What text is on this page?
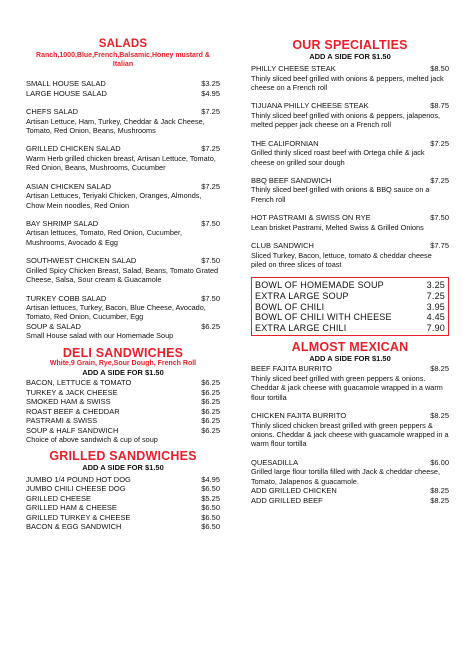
SALADS
Ranch,1000,Blue,French,Balsamic,Honey mustard & Italian
SMALL HOUSE SALAD	$3.25
LARGE HOUSE SALAD	$4.95
CHEFS SALAD	$7.25
Artisan Lettuce, Ham, Turkey, Cheddar & Jack Cheese, Tomato, Red Onion, Beans, Mushrooms
GRILLED CHICKEN SALAD	$7.25
Warm Herb grilled chicken breast, Artisan Lettuce, Tomato, Red Onion, Beans, Mushrooms, Cucumber
ASIAN CHICKEN SALAD	$7.25
Artisan Lettuces, Teriyaki Chicken, Oranges, Almonds, Chow Mein noodles, Red Onion
BAY SHRIMP SALAD	$7.50
Artisan lettuces, Tomato, Red Onion, Cucumber, Mushrooms, Avocado & Egg
SOUTHWEST CHICKEN SALAD	$7.50
Grilled Spicy Chicken Breast, Salad, Beans, Tomato Grated Cheese, Salsa, Sour cream & Guacamole
TURKEY COBB SALAD	$7.50
Artisan lettuces, Turkey, Bacon, Blue Cheese, Avocado, Tomato, Red Onion, Cucumber, Egg
SOUP & SALAD	$6.25
Small House salad with our Homemade Soup
DELI SANDWICHES
White,9 Grain, Rye,Sour Dough, French Roll
ADD A SIDE FOR $1.50
BACON, LETTUCE & TOMATO	$6.25
TURKEY & JACK CHEESE	$6.25
SMOKED HAM & SWISS	$6.25
ROAST BEEF & CHEDDAR	$6.25
PASTRAMI & SWISS	$6.25
SOUP & HALF SANDWICH	$6.25
Choice of above sandwich & cup of soup
GRILLED SANDWICHES
ADD A SIDE FOR $1.50
JUMBO 1/4 POUND HOT DOG	$4.95
JUMBO CHILI CHEESE DOG	$6.50
GRILLED CHEESE	$5.25
GRILLED HAM & CHEESE	$6.50
GRILLED TURKEY & CHEESE	$6.50
BACON & EGG SANDWICH	$6.50
OUR SPECIALTIES
ADD A SIDE FOR $1.50
PHILLY CHEESE STEAK	$8.50
Thinly sliced beef grilled with onions & peppers, melted jack cheese on a French roll
TIJUANA PHILLY CHEESE STEAK	$8.75
Thinly sliced beef grilled with onions & peppers, jalapenos, melted pepper jack cheese on a French roll
THE CALIFORNIAN	$7.25
Grilled thinly sliced roast beef with Ortega chile & jack cheese on grilled sour dough
BBQ BEEF SANDWICH	$7.25
Thinly sliced beef grilled with onions & BBQ sauce on a French roll
HOT PASTRAMI & SWISS ON RYE	$7.50
Lean brisket Pastrami, Melted Swiss & Grilled Onions
CLUB SANDWICH	$7.75
Sliced Turkey, Bacon, lettuce, tomato & cheddar cheese piled on three slices of toast
BOWL OF HOMEMADE SOUP	3.25
EXTRA LARGE SOUP	7.25
BOWL OF CHILI	3.95
BOWL OF CHILI WITH CHEESE	4.45
EXTRA LARGE CHILI	7.90
ALMOST MEXICAN
ADD A SIDE FOR $1.50
BEEF FAJITA BURRITO	$8.25
Thinly sliced beef grilled with green peppers & onions. Cheddar & jack cheese with guacamole wrapped in a warm flour tortilla
CHICKEN FAJITA BURRITO	$8.25
Thinly sliced chicken breast grilled with green peppers & onions. Cheddar & jack cheese with guacamole wrapped in a warm flour tortilla
QUESADILLA	$6.00
Grilled large flour tortilla filled with Jack & cheddar cheese, Tomato, Jalapenos & guacamole.
ADD GRILLED CHICKEN	$8.25
ADD GRILLED BEEF	$8.25
